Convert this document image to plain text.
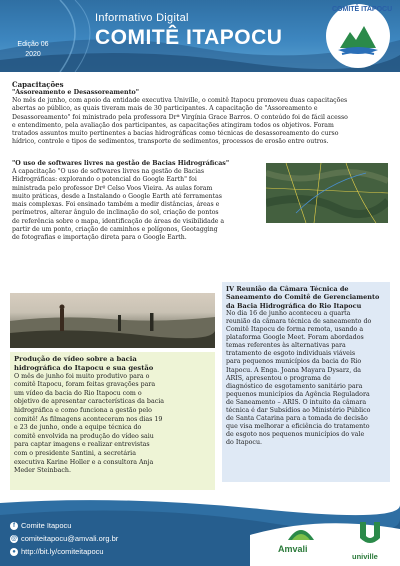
Edição 06
2020
Informativo Digital
COMITÊ ITAPOCU
COMITÊ ITAPOCU
Capacitações
"Assoreamento e Desassoreamento"
No mês de junho, com apoio da entidade executiva Univille, o comitê Itapocu promoveu duas capacitações
abertas ao público, as quais tiveram mais de 30 participantes. A capacitação de "Assoreamento e
Desassoreamento" foi ministrado pela professora Drª Virgínia Grace Barros. O conteúdo foi de fácil acesso
e entendimento, pela avaliação dos participantes, as capacitações atingiram todos os objetivos. Foram
tratados assuntos muito pertinentes a bacias hidrográficas como técnicas de desassoreamento do curso
hídrico, controle e tipos de sedimentos, transporte de sedimentos, processos de erosão entre outros.
"O uso de softwares livres na gestão de Bacias Hidrográficas"
A capacitação "O uso de softwares livres na gestão de Bacias
Hidrográficas: explorando o potencial do Google Earth" foi
ministrada pelo professor Drº Celso Voos Vieira. As aulas foram
muito práticas, desde a Instalando o Google Earth até ferramentas
mais complexas. Foi ensinado também a medir distâncias, áreas e
perímetros, alterar ângulo de inclinação do sol, criação de pontos
de referência sobre o mapa, identificação de áreas de visibilidade a
partir de um ponto, criação de caminhos e polígonos, Geotagging
de fotografias e importação direta para o Google Earth.
Produção de vídeo sobre a bacia
hidrográfica do Itapocu e sua gestão
O mês de junho foi muito produtivo para o
comitê Itapocu, foram feitas gravações para
um vídeo da bacia do Rio Itapocu com o
objetivo de apresentar características da bacia
hidrográfica e como funciona a gestão pelo
comitê! As filmagens aconteceram nos dias 19
e 23 de junho, onde a equipe técnica do
comitê envolvida na produção do vídeo saiu
para captar imagens e realizar entrevistas
com o presidente Santini, a secretária
executiva Karine Holler e a consultora Anja
Meder Steinbach.
IV Reunião da Câmara Técnica de
Saneamento do Comitê de Gerenciamento
da Bacia Hidrográfica do Rio Itapocu
No dia 16 de junho aconteceu a quarta
reunião da câmara técnica de saneamento do
Comitê Itapocu de forma remota, usando a
plataforma Google Meet. Foram abordados
temas referentes às alternativas para
tratamento de esgoto individuais viáveis
para pequenos municípios da bacia do Rio
Itapocu. A Enga. Joana Mayara Dysarz, da
ARIS, apresentou o programa de
diagnóstico de esgotamento sanitário para
pequenos municípios da Agência Reguladora
de Saneamento – ARIS. O intuito da câmara
técnica é dar Subsídios ao Ministério Público
de Santa Catarina para a tomada de decisão
que visa melhorar a eficiência do tratamento
de esgoto nos pequenos municípios do vale
do Itapocu.
f Comite Itapocu
@ comiteitapocu@amvali.org.br
● http://bit.ly/comiteitapocu	Amvali
univille
